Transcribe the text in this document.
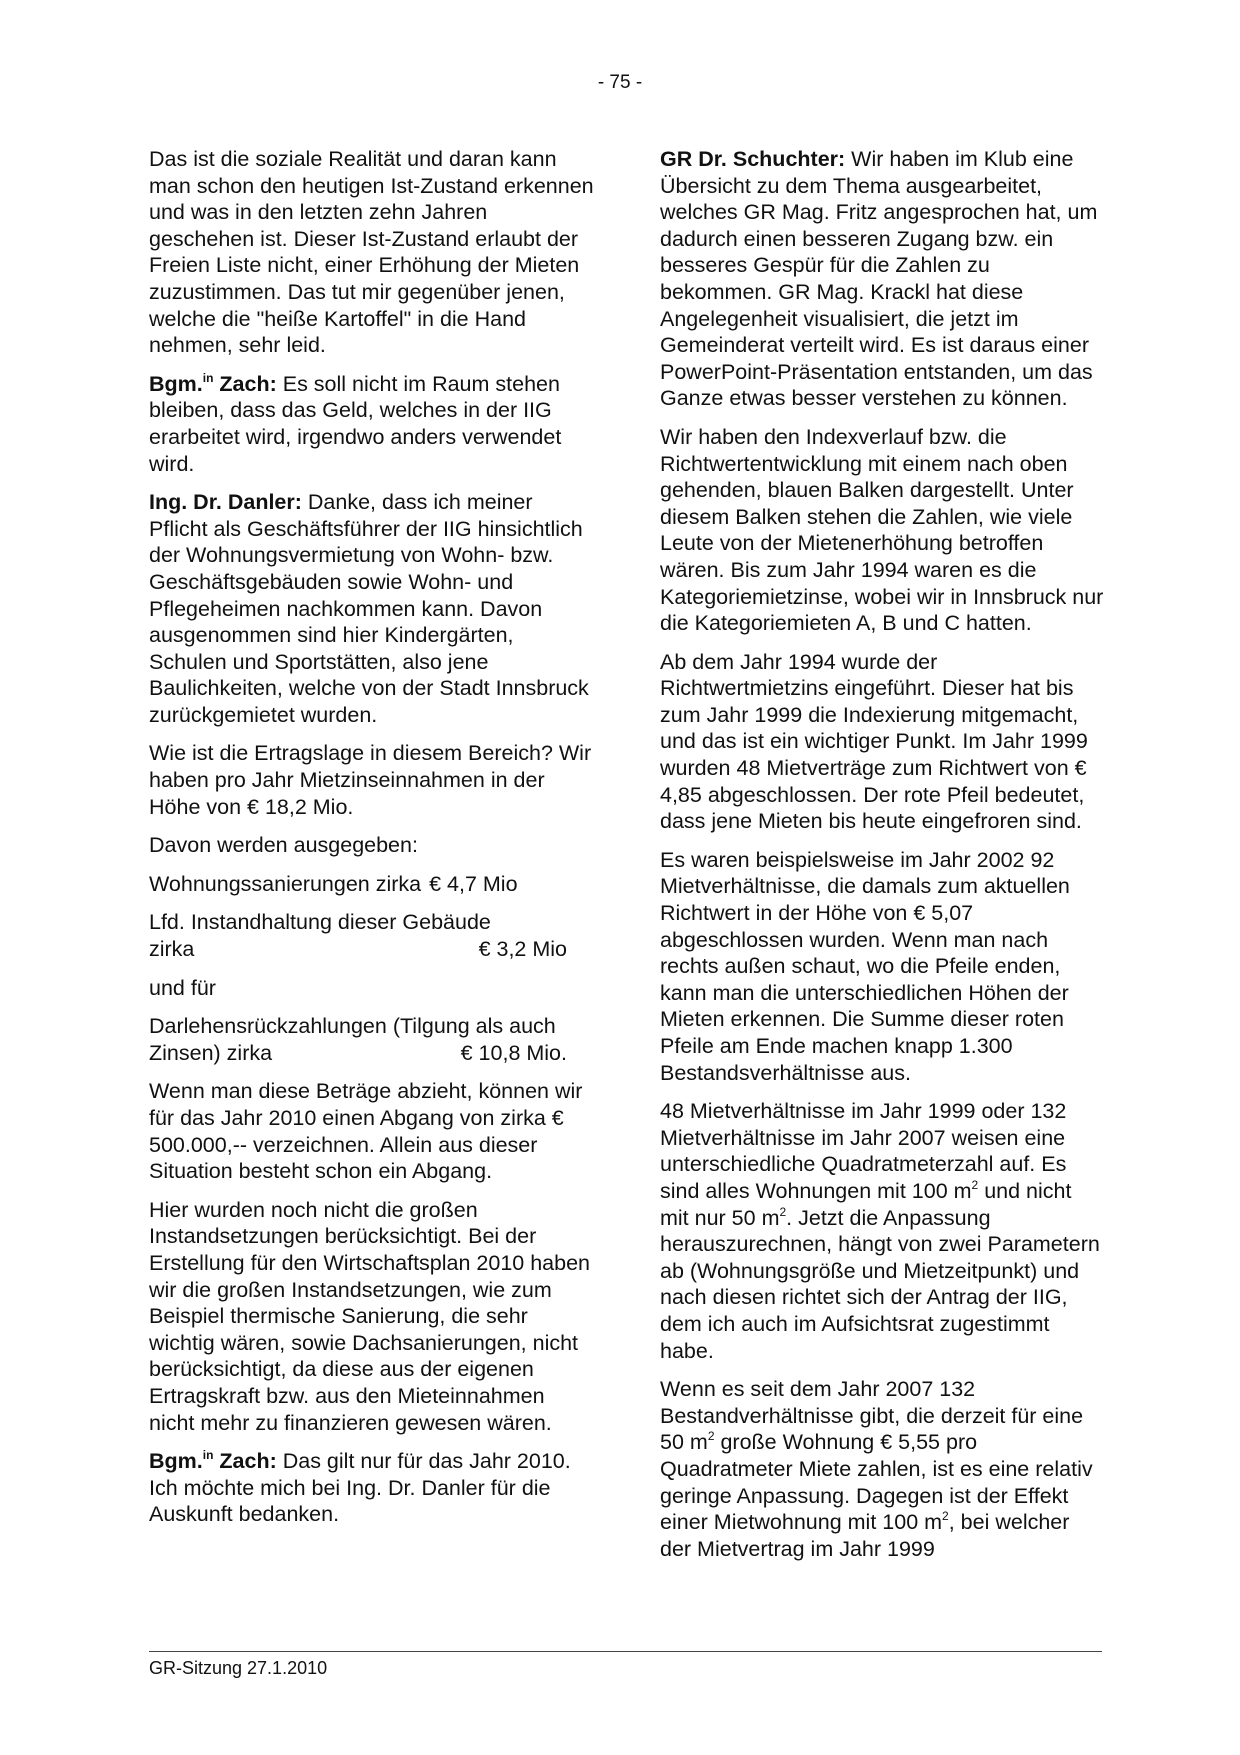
- 75 -

Das ist die soziale Realität und daran kann man schon den heutigen Ist-Zustand erkennen und was in den letzten zehn Jahren geschehen ist. Dieser Ist-Zustand erlaubt der Freien Liste nicht, einer Erhöhung der Mieten zuzustimmen. Das tut mir gegenüber jenen, welche die "heiße Kartoffel" in die Hand nehmen, sehr leid.

Bgm.$^{in}$ Zach: Es soll nicht im Raum stehen bleiben, dass das Geld, welches in der IIG erarbeitet wird, irgendwo anders verwendet wird.

Ing. Dr. Danler: Danke, dass ich meiner Pflicht als Geschäftsführer der IIG hinsichtlich der Wohnungsvermietung von Wohn- bzw. Geschäftsgebäuden sowie Wohn- und Pflegeheimen nachkommen kann. Davon ausgenommen sind hier Kindergärten, Schulen und Sportstätten, also jene Baulichkeiten, welche von der Stadt Innsbruck zurückgemietet wurden.

Wie ist die Ertragslage in diesem Bereich? Wir haben pro Jahr Mietzinseinnahmen in der Höhe von € 18,2 Mio.

Davon werden ausgegeben:

Wohnungssanierungen zirka € 4,7 Mio

Lfd. Instandhaltung dieser Gebäude
zirka	€ 3,2 Mio

und für

Darlehensrückzahlungen (Tilgung als auch
Zinsen) zirka	€ 10,8 Mio.

Wenn man diese Beträge abzieht, können wir für das Jahr 2010 einen Abgang von zirka € 500.000,-- verzeichnen. Allein aus dieser Situation besteht schon ein Abgang.

Hier wurden noch nicht die großen Instandsetzungen berücksichtigt. Bei der Erstellung für den Wirtschaftsplan 2010 haben wir die großen Instandsetzungen, wie zum Beispiel thermische Sanierung, die sehr wichtig wären, sowie Dachsanierungen, nicht berücksichtigt, da diese aus der eigenen Ertragskraft bzw. aus den Mieteinnahmen nicht mehr zu finanzieren gewesen wären.

Bgm.$^{in}$ Zach: Das gilt nur für das Jahr 2010. Ich möchte mich bei Ing. Dr. Danler für die Auskunft bedanken.

GR Dr. Schuchter: Wir haben im Klub eine Übersicht zu dem Thema ausgearbeitet, welches GR Mag. Fritz angesprochen hat, um dadurch einen besseren Zugang bzw. ein besseres Gespür für die Zahlen zu bekommen. GR Mag. Krackl hat diese Angelegenheit visualisiert, die jetzt im Gemeinderat verteilt wird. Es ist daraus einer PowerPoint-Präsentation entstanden, um das Ganze etwas besser verstehen zu können.

Wir haben den Indexverlauf bzw. die Richtwertentwicklung mit einem nach oben gehenden, blauen Balken dargestellt. Unter diesem Balken stehen die Zahlen, wie viele Leute von der Mietenerhöhung betroffen wären. Bis zum Jahr 1994 waren es die Kategoriemietzinse, wobei wir in Innsbruck nur die Kategoriemieten A, B und C hatten.

Ab dem Jahr 1994 wurde der Richtwertmietzins eingeführt. Dieser hat bis zum Jahr 1999 die Indexierung mitgemacht, und das ist ein wichtiger Punkt. Im Jahr 1999 wurden 48 Mietverträge zum Richtwert von € 4,85 abgeschlossen. Der rote Pfeil bedeutet, dass jene Mieten bis heute eingefroren sind.

Es waren beispielsweise im Jahr 2002 92 Mietverhältnisse, die damals zum aktuellen Richtwert in der Höhe von € 5,07 abgeschlossen wurden. Wenn man nach rechts außen schaut, wo die Pfeile enden, kann man die unterschiedlichen Höhen der Mieten erkennen. Die Summe dieser roten Pfeile am Ende machen knapp 1.300 Bestandsverhältnisse aus.

48 Mietverhältnisse im Jahr 1999 oder 132 Mietverhältnisse im Jahr 2007 weisen eine unterschiedliche Quadratmeterzahl auf. Es sind alles Wohnungen mit 100 $m^2$ und nicht mit nur 50 $m^2$. Jetzt die Anpassung herauszurechnen, hängt von zwei Parametern ab (Wohnungsgröße und Mietzeitpunkt) und nach diesen richtet sich der Antrag der IIG, dem ich auch im Aufsichtsrat zugestimmt habe.

Wenn es seit dem Jahr 2007 132 Bestandverhältnisse gibt, die derzeit für eine 50 $m^2$ große Wohnung € 5,55 pro Quadratmeter Miete zahlen, ist es eine relativ geringe Anpassung. Dagegen ist der Effekt einer Mietwohnung mit 100 $m^2$, bei welcher der Mietvertrag im Jahr 1999

GR-Sitzung 27.1.2010
